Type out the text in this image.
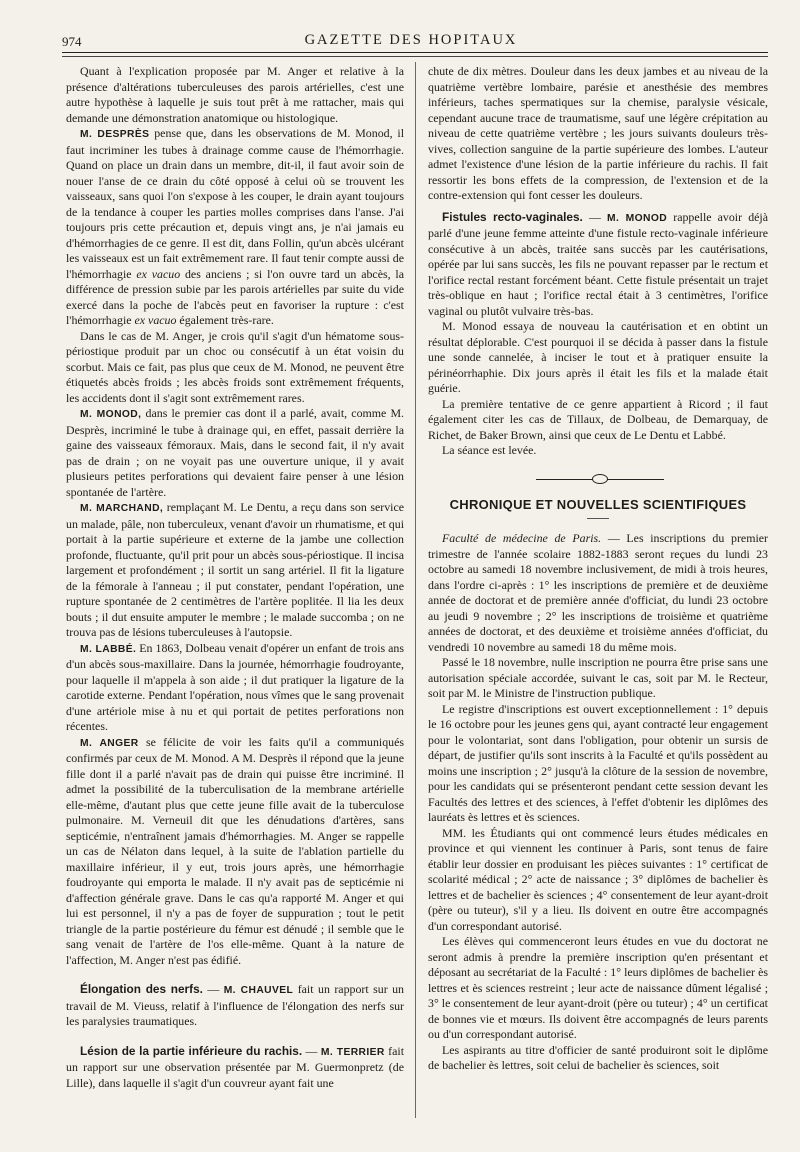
974	GAZETTE DES HOPITAUX

Quant à l'explication proposée par M. Anger et relative à la présence d'altérations tuberculeuses des parois artérielles, c'est une autre hypothèse à laquelle je suis tout prêt à me rattacher, mais qui demande une démonstration anatomique ou histologique.

M. DESPRÈS pense que, dans les observations de M. Monod, il faut incriminer les tubes à drainage comme cause de l'hémorrhagie. Quand on place un drain dans un membre, dit-il, il faut avoir soin de nouer l'anse de ce drain du côté opposé à celui où se trouvent les vaisseaux, sans quoi l'on s'expose à les couper, le drain ayant toujours de la tendance à couper les parties molles comprises dans l'anse. J'ai toujours pris cette précaution et, depuis vingt ans, je n'ai jamais eu d'hémorrhagies de ce genre. Il est dit, dans Follin, qu'un abcès ulcérant les vaisseaux est un fait extrêmement rare. Il faut tenir compte aussi de l'hémorrhagie ex vacuo des anciens ; si l'on ouvre tard un abcès, la différence de pression subie par les parois artérielles par suite du vide exercé dans la poche de l'abcès peut en favoriser la rupture : c'est l'hémorrhagie ex vacuo également très-rare.

Dans le cas de M. Anger, je crois qu'il s'agit d'un hématome sous-périostique produit par un choc ou consécutif à un état voisin du scorbut. Mais ce fait, pas plus que ceux de M. Monod, ne peuvent être étiquetés abcès froids ; les abcès froids sont extrêmement fréquents, les accidents dont il s'agit sont extrêmement rares.

M. MONOD, dans le premier cas dont il a parlé, avait, comme M. Desprès, incriminé le tube à drainage qui, en effet, passait derrière la gaine des vaisseaux fémoraux. Mais, dans le second fait, il n'y avait pas de drain ; on ne voyait pas une ouverture unique, il y avait plusieurs petites perforations qui devaient faire penser à une lésion spontanée de l'artère.

M. MARCHAND, remplaçant M. Le Dentu, a reçu dans son service un malade, pâle, non tuberculeux, venant d'avoir un rhumatisme, et qui portait à la partie supérieure et externe de la jambe une collection profonde, fluctuante, qu'il prit pour un abcès sous-périostique. Il incisa largement et profondément ; il sortit un sang artériel. Il fit la ligature de la fémorale à l'anneau ; il put constater, pendant l'opération, une rupture spontanée de 2 centimètres de l'artère poplitée. Il lia les deux bouts ; il dut ensuite amputer le membre ; le malade succomba ; on ne trouva pas de lésions tuberculeuses à l'autopsie.

M. LABBÉ. En 1863, Dolbeau venait d'opérer un enfant de trois ans d'un abcès sous-maxillaire. Dans la journée, hémorrhagie foudroyante, pour laquelle il m'appela à son aide ; il dut pratiquer la ligature de la carotide externe. Pendant l'opération, nous vîmes que le sang provenait d'une artériole mise à nu et qui portait de petites perforations non récentes.

M. ANGER se félicite de voir les faits qu'il a communiqués confirmés par ceux de M. Monod. A M. Desprès il répond que la jeune fille dont il a parlé n'avait pas de drain qui puisse être incriminé. Il admet la possibilité de la tuberculisation de la membrane artérielle elle-même, d'autant plus que cette jeune fille avait de la tuberculose pulmonaire. M. Verneuil dit que les dénudations d'artères, sans septicémie, n'entraînent jamais d'hémorrhagies. M. Anger se rappelle un cas de Nélaton dans lequel, à la suite de l'ablation partielle du maxillaire inférieur, il y eut, trois jours après, une hémorrhagie foudroyante qui emporta le malade. Il n'y avait pas de septicémie ni d'affection générale grave. Dans le cas qu'a rapporté M. Anger et qui lui est personnel, il n'y a pas de foyer de suppuration ; tout le petit triangle de la partie postérieure du fémur est dénudé ; il semble que le sang venait de l'artère de l'os elle-même. Quant à la nature de l'affection, M. Anger n'est pas édifié.

Élongation des nerfs. — M. CHAUVEL fait un rapport sur un travail de M. Vieuss, relatif à l'influence de l'élongation des nerfs sur les paralysies traumatiques.

Lésion de la partie inférieure du rachis. — M. TERRIER fait un rapport sur une observation présentée par M. Guermonpretz (de Lille), dans laquelle il s'agit d'un couvreur ayant fait une

chute de dix mètres. Douleur dans les deux jambes et au niveau de la quatrième vertèbre lombaire, parésie et anesthésie des membres inférieurs, taches spermatiques sur la chemise, paralysie vésicale, cependant aucune trace de traumatisme, sauf une légère crépitation au niveau de cette quatrième vertèbre ; les jours suivants douleurs très-vives, collection sanguine de la partie supérieure des lombes. L'auteur admet l'existence d'une lésion de la partie inférieure du rachis. Il fait ressortir les bons effets de la compression, de l'extension et de la contre-extension qui font cesser les douleurs.

Fistules recto-vaginales. — M. MONOD rappelle avoir déjà parlé d'une jeune femme atteinte d'une fistule recto-vaginale inférieure consécutive à un abcès, traitée sans succès par les cautérisations, opérée par lui sans succès, les fils ne pouvant repasser par le rectum et l'orifice rectal restant forcément béant. Cette fistule présentait un trajet très-oblique en haut ; l'orifice rectal était à 3 centimètres, l'orifice vaginal ou plutôt vulvaire très-bas.

M. Monod essaya de nouveau la cautérisation et en obtint un résultat déplorable. C'est pourquoi il se décida à passer dans la fistule une sonde cannelée, à inciser le tout et à pratiquer ensuite la périnéorrhaphie. Dix jours après il était les fils et la malade était guérie.

La première tentative de ce genre appartient à Ricord ; il faut également citer les cas de Tillaux, de Dolbeau, de Demarquay, de Richet, de Baker Brown, ainsi que ceux de Le Dentu et Labbé.

La séance est levée.

CHRONIQUE ET NOUVELLES SCIENTIFIQUES

Faculté de médecine de Paris. — Les inscriptions du premier trimestre de l'année scolaire 1882-1883 seront reçues du lundi 23 octobre au samedi 18 novembre inclusivement, de midi à trois heures, dans l'ordre ci-après : 1° les inscriptions de première et de deuxième année de doctorat et de première année d'officiat, du lundi 23 octobre au jeudi 9 novembre ; 2° les inscriptions de troisième et quatrième années de doctorat, et des deuxième et troisième années d'officiat, du vendredi 10 novembre au samedi 18 du même mois.

Passé le 18 novembre, nulle inscription ne pourra être prise sans une autorisation spéciale accordée, suivant le cas, soit par M. le Recteur, soit par M. le Ministre de l'instruction publique.

Le registre d'inscriptions est ouvert exceptionnellement : 1° depuis le 16 octobre pour les jeunes gens qui, ayant contracté leur engagement pour le volontariat, sont dans l'obligation, pour obtenir un sursis de départ, de justifier qu'ils sont inscrits à la Faculté et qu'ils possèdent au moins une inscription ; 2° jusqu'à la clôture de la session de novembre, pour les candidats qui se présenteront pendant cette session devant les Facultés des lettres et des sciences, à l'effet d'obtenir les diplômes des lauréats ès lettres et ès sciences.

MM. les Étudiants qui ont commencé leurs études médicales en province et qui viennent les continuer à Paris, sont tenus de faire établir leur dossier en produisant les pièces suivantes : 1° certificat de scolarité médical ; 2° acte de naissance ; 3° diplômes de bachelier ès lettres et de bachelier ès sciences ; 4° consentement de leur ayant-droit (père ou tuteur), s'il y a lieu. Ils doivent en outre être accompagnés d'un correspondant autorisé.

Les élèves qui commenceront leurs études en vue du doctorat ne seront admis à prendre la première inscription qu'en présentant et déposant au secrétariat de la Faculté : 1° leurs diplômes de bachelier ès lettres et ès sciences restreint ; leur acte de naissance dûment légalisé ; 3° le consentement de leur ayant-droit (père ou tuteur) ; 4° un certificat de bonnes vie et mœurs. Ils doivent être accompagnés de leurs parents ou d'un correspondant autorisé.

Les aspirants au titre d'officier de santé produiront soit le diplôme de bachelier ès lettres, soit celui de bachelier ès sciences, soit
